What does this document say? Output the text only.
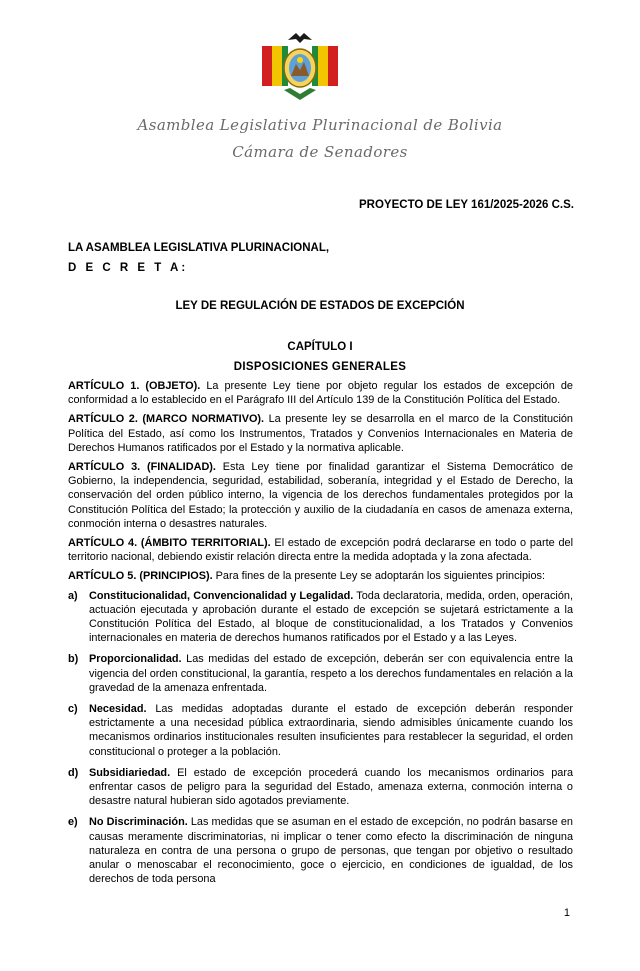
Asamblea Legislativa Plurinacional de Bolivia
Cámara de Senadores
PROYECTO DE LEY 161/2025-2026 C.S.
LA ASAMBLEA LEGISLATIVA PLURINACIONAL,
D E C R E T A:
LEY DE REGULACIÓN DE ESTADOS DE EXCEPCIÓN
CAPÍTULO I
DISPOSICIONES GENERALES

ARTÍCULO 1. (OBJETO). La presente Ley tiene por objeto regular los estados de excepción de conformidad a lo establecido en el Parágrafo III del Artículo 139 de la Constitución Política del Estado.

ARTÍCULO 2. (MARCO NORMATIVO). La presente ley se desarrolla en el marco de la Constitución Política del Estado, así como los Instrumentos, Tratados y Convenios Internacionales en Materia de Derechos Humanos ratificados por el Estado y la normativa aplicable.

ARTÍCULO 3. (FINALIDAD). Esta Ley tiene por finalidad garantizar el Sistema Democrático de Gobierno, la independencia, seguridad, estabilidad, soberanía, integridad y el Estado de Derecho, la conservación del orden público interno, la vigencia de los derechos fundamentales protegidos por la Constitución Política del Estado; la protección y auxilio de la ciudadanía en casos de amenaza externa, conmoción interna o desastres naturales.

ARTÍCULO 4. (ÁMBITO TERRITORIAL). El estado de excepción podrá declararse en todo o parte del territorio nacional, debiendo existir relación directa entre la medida adoptada y la zona afectada.

ARTÍCULO 5. (PRINCIPIOS). Para fines de la presente Ley se adoptarán los siguientes principios:

a) Constitucionalidad, Convencionalidad y Legalidad. Toda declaratoria, medida, orden, operación, actuación ejecutada y aprobación durante el estado de excepción se sujetará estrictamente a la Constitución Política del Estado, al bloque de constitucionalidad, a los Tratados y Convenios internacionales en materia de derechos humanos ratificados por el Estado y a las Leyes.
b) Proporcionalidad. Las medidas del estado de excepción, deberán ser con equivalencia entre la vigencia del orden constitucional, la garantía, respeto a los derechos fundamentales en relación a la gravedad de la amenaza enfrentada.
c) Necesidad. Las medidas adoptadas durante el estado de excepción deberán responder estrictamente a una necesidad pública extraordinaria, siendo admisibles únicamente cuando los mecanismos ordinarios institucionales resulten insuficientes para restablecer la seguridad, el orden constitucional o proteger a la población.
d) Subsidiariedad. El estado de excepción procederá cuando los mecanismos ordinarios para enfrentar casos de peligro para la seguridad del Estado, amenaza externa, conmoción interna o desastre natural hubieran sido agotados previamente.
e) No Discriminación. Las medidas que se asuman en el estado de excepción, no podrán basarse en causas meramente discriminatorias, ni implicar o tener como efecto la discriminación de ninguna naturaleza en contra de una persona o grupo de personas, que tengan por objetivo o resultado anular o menoscabar el reconocimiento, goce o ejercicio, en condiciones de igualdad, de los derechos de toda persona
1
